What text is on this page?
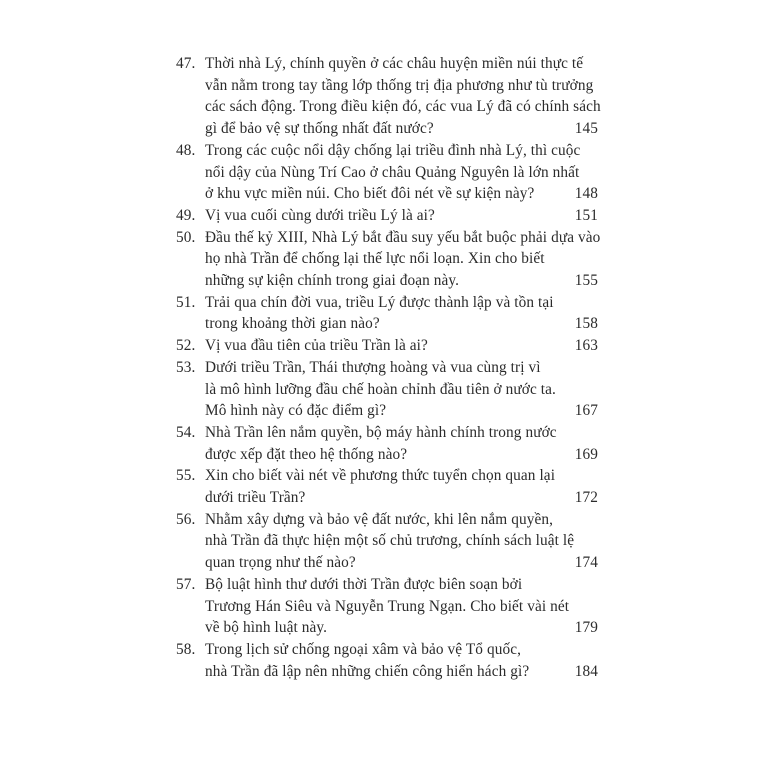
47. Thời nhà Lý, chính quyền ở các châu huyện miền núi thực tế
vẫn nằm trong tay tầng lớp thống trị địa phương như tù trưởng
các sách động. Trong điều kiện đó, các vua Lý đã có chính sách
gì để bảo vệ sự thống nhất đất nước?	145
48. Trong các cuộc nổi dậy chống lại triều đình nhà Lý, thì cuộc
nổi dậy của Nùng Trí Cao ở châu Quảng Nguyên là lớn nhất
ở khu vực miền núi. Cho biết đôi nét về sự kiện này?	148
49. Vị vua cuối cùng dưới triều Lý là ai?	151
50. Đầu thế kỷ XIII, Nhà Lý bắt đầu suy yếu bắt buộc phải dựa vào
họ nhà Trần để chống lại thế lực nổi loạn. Xin cho biết
những sự kiện chính trong giai đoạn này.	155
51. Trải qua chín đời vua, triều Lý được thành lập và tồn tại
trong khoảng thời gian nào?	158
52. Vị vua đầu tiên của triều Trần là ai?	163
53. Dưới triều Trần, Thái thượng hoàng và vua cùng trị vì
là mô hình lưỡng đầu chế hoàn chỉnh đầu tiên ở nước ta.
Mô hình này có đặc điểm gì?	167
54. Nhà Trần lên nắm quyền, bộ máy hành chính trong nước
được xếp đặt theo hệ thống nào?	169
55. Xin cho biết vài nét về phương thức tuyển chọn quan lại
dưới triều Trần?	172
56. Nhằm xây dựng và bảo vệ đất nước, khi lên nắm quyền,
nhà Trần đã thực hiện một số chủ trương, chính sách luật lệ
quan trọng như thế nào?	174
57. Bộ luật hình thư dưới thời Trần được biên soạn bởi
Trương Hán Siêu và Nguyễn Trung Ngạn. Cho biết vài nét
về bộ hình luật này.	179
58. Trong lịch sử chống ngoại xâm và bảo vệ Tổ quốc,
nhà Trần đã lập nên những chiến công hiển hách gì?	184
